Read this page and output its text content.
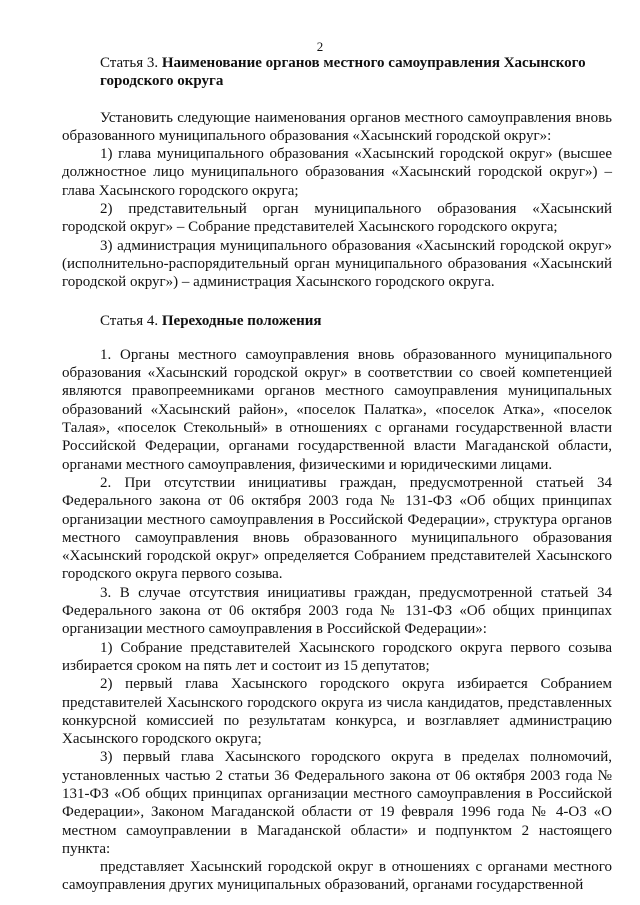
2
Статья 3. Наименование органов местного самоуправления Хасынского городского округа

Установить следующие наименования органов местного самоуправления вновь образованного муниципального образования «Хасынский городской округ»:

1) глава муниципального образования «Хасынский городской округ» (высшее должностное лицо муниципального образования «Хасынский городской округ») – глава Хасынского городского округа;

2) представительный орган муниципального образования «Хасынский городской округ» – Собрание представителей Хасынского городского округа;

3) администрация муниципального образования «Хасынский городской округ» (исполнительно-распорядительный орган муниципального образования «Хасынский городской округ») – администрация Хасынского городского округа.

Статья 4. Переходные положения

1. Органы местного самоуправления вновь образованного муниципального образования «Хасынский городской округ» в соответствии со своей компетенцией являются правопреемниками органов местного самоуправления муниципальных образований «Хасынский район», «поселок Палатка», «поселок Атка», «поселок Талая», «поселок Стекольный» в отношениях с органами государственной власти Российской Федерации, органами государственной власти Магаданской области, органами местного самоуправления, физическими и юридическими лицами.

2. При отсутствии инициативы граждан, предусмотренной статьей 34 Федерального закона от 06 октября 2003 года № 131-ФЗ «Об общих принципах организации местного самоуправления в Российской Федерации», структура органов местного самоуправления вновь образованного муниципального образования «Хасынский городской округ» определяется Собранием представителей Хасынского городского округа первого созыва.

3. В случае отсутствия инициативы граждан, предусмотренной статьей 34 Федерального закона от 06 октября 2003 года № 131-ФЗ «Об общих принципах организации местного самоуправления в Российской Федерации»:

1) Собрание представителей Хасынского городского округа первого созыва избирается сроком на пять лет и состоит из 15 депутатов;

2) первый глава Хасынского городского округа избирается Собранием представителей Хасынского городского округа из числа кандидатов, представленных конкурсной комиссией по результатам конкурса, и возглавляет администрацию Хасынского городского округа;

3) первый глава Хасынского городского округа в пределах полномочий, установленных частью 2 статьи 36 Федерального закона от 06 октября 2003 года № 131-ФЗ «Об общих принципах организации местного самоуправления в Российской Федерации», Законом Магаданской области от 19 февраля 1996 года № 4-ОЗ «О местном самоуправлении в Магаданской области» и подпунктом 2 настоящего пункта:

представляет Хасынский городской округ в отношениях с органами местного самоуправления других муниципальных образований, органами государственной
